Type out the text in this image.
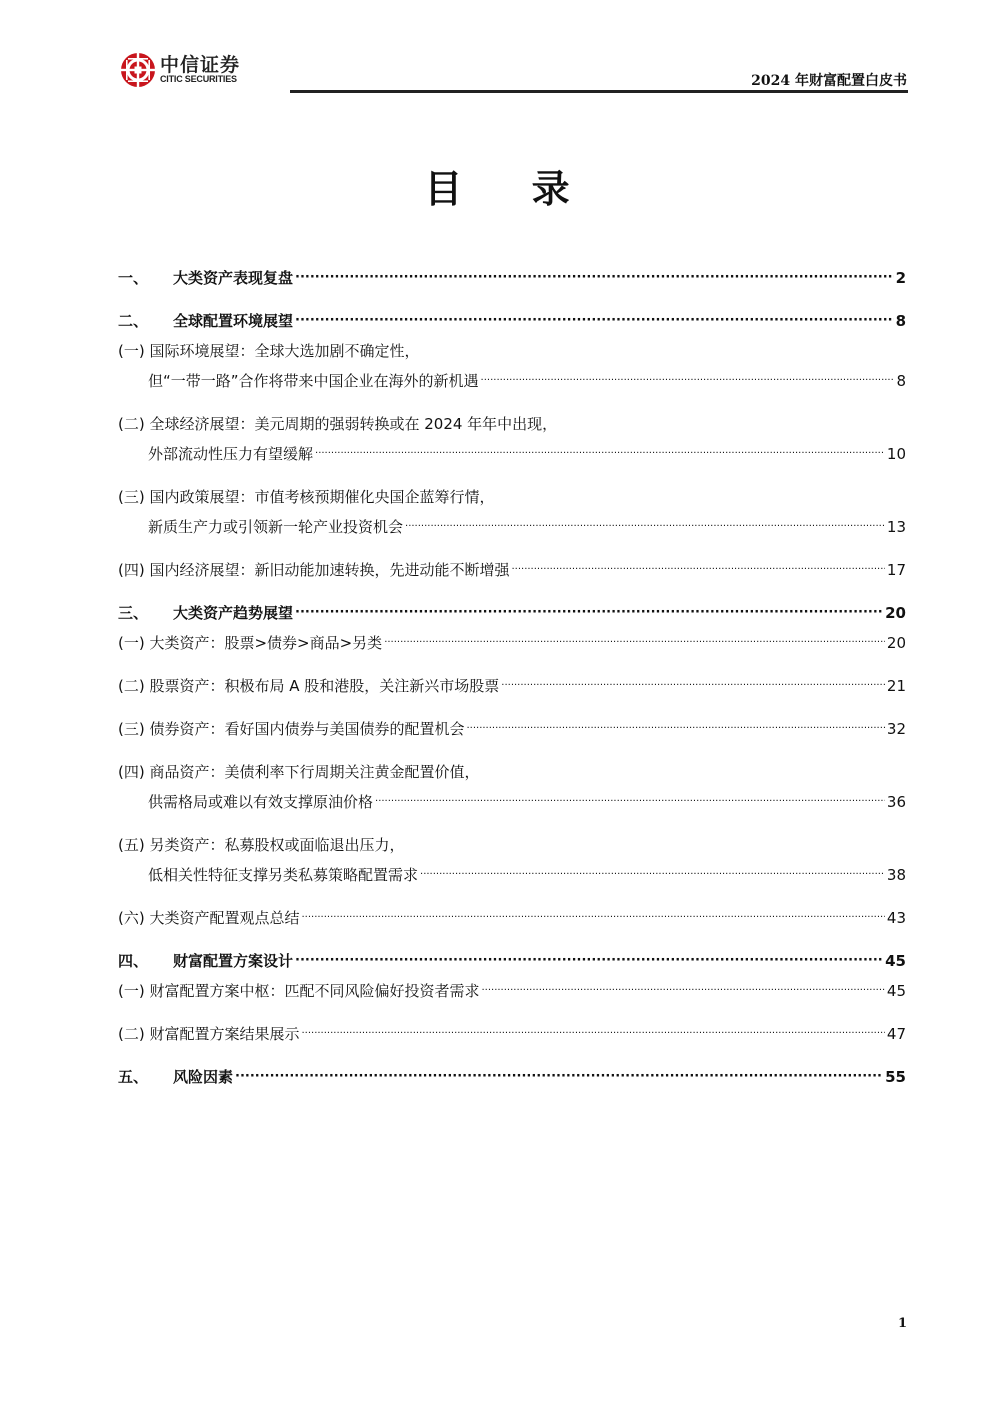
中信证券
CITIC SECURITIES	2024 年财富配置白皮书
目 录
一、	大类资产表现复盘 ·····	2
二、	全球配置环境展望 ·····	8
(一) 国际环境展望：全球大选加剧不确定性，
但“一带一路”合作将带来中国企业在海外的新机遇 ·····	8
(二) 全球经济展望：美元周期的强弱转换或在 2024 年年中出现，
外部流动性压力有望缓解 ·····	10
(三) 国内政策展望：市值考核预期催化央国企蓝筹行情，
新质生产力或引领新一轮产业投资机会 ·····	13
(四) 国内经济展望：新旧动能加速转换，先进动能不断增强 ·····	17
三、	大类资产趋势展望 ·····	20
(一) 大类资产：股票>债券>商品>另类 ·····	20
(二) 股票资产：积极布局 A 股和港股，关注新兴市场股票 ·····	21
(三) 债券资产：看好国内债券与美国债券的配置机会 ·····	32
(四) 商品资产：美债利率下行周期关注黄金配置价值，
供需格局或难以有效支撑原油价格 ·····	36
(五) 另类资产：私募股权或面临退出压力，
低相关性特征支撑另类私募策略配置需求 ·····	38
(六) 大类资产配置观点总结 ·····	43
四、	财富配置方案设计 ·····	45
(一) 财富配置方案中枢：匹配不同风险偏好投资者需求 ·····	45
(二) 财富配置方案结果展示 ·····	47
五、	风险因素 ·····	55
1
